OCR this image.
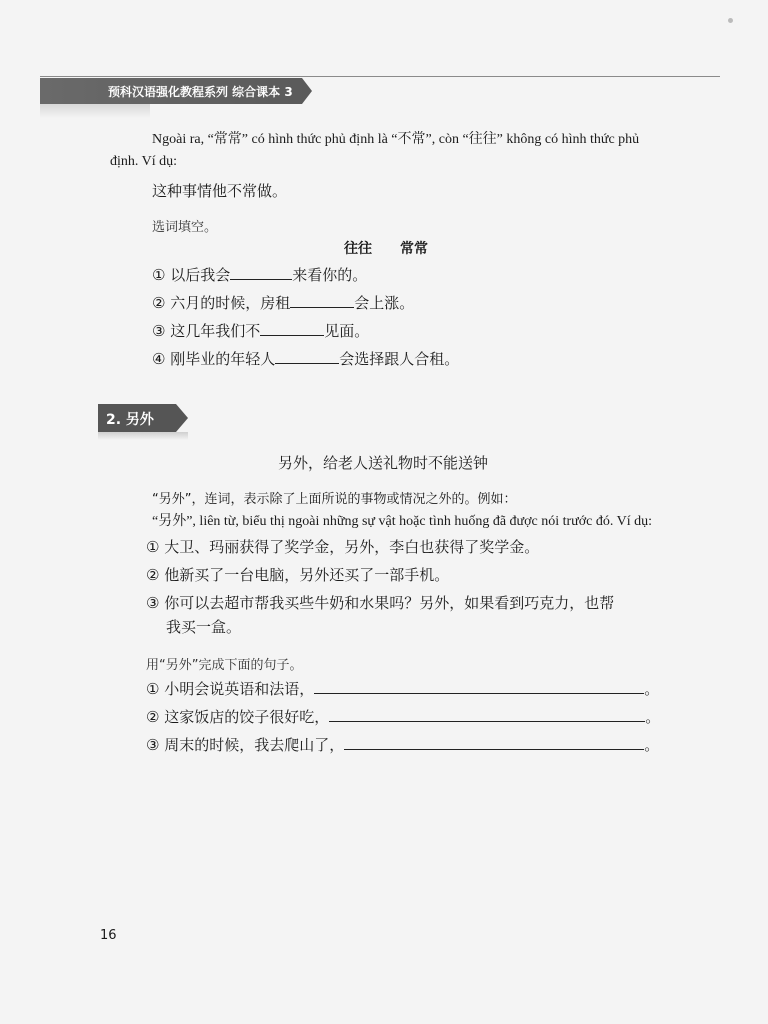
预科汉语强化教程系列 综合课本 3
Ngoài ra, “常常” có hình thức phủ định là “不常”, còn “往往” không có hình thức phủ
định. Ví dụ:
这种事情他不常做。
选词填空。
往往　　常常
① 以后我会	来看你的。
② 六月的时候，房租	会上涨。
③ 这几年我们不	见面。
④ 刚毕业的年轻人	会选择跟人合租。
2. 另外
另外，给老人送礼物时不能送钟
“另外”，连词，表示除了上面所说的事物或情况之外的。例如：
“另外”, liên từ, biểu thị ngoài những sự vật hoặc tình huống đã được nói trước đó. Ví dụ:
① 大卫、玛丽获得了奖学金，另外，李白也获得了奖学金。
② 他新买了一台电脑，另外还买了一部手机。
③ 你可以去超市帮我买些牛奶和水果吗？另外，如果看到巧克力，也帮
我买一盒。
用“另外”完成下面的句子。
① 小明会说英语和法语，	。
② 这家饭店的饺子很好吃，	。
③ 周末的时候，我去爬山了，	。
16
